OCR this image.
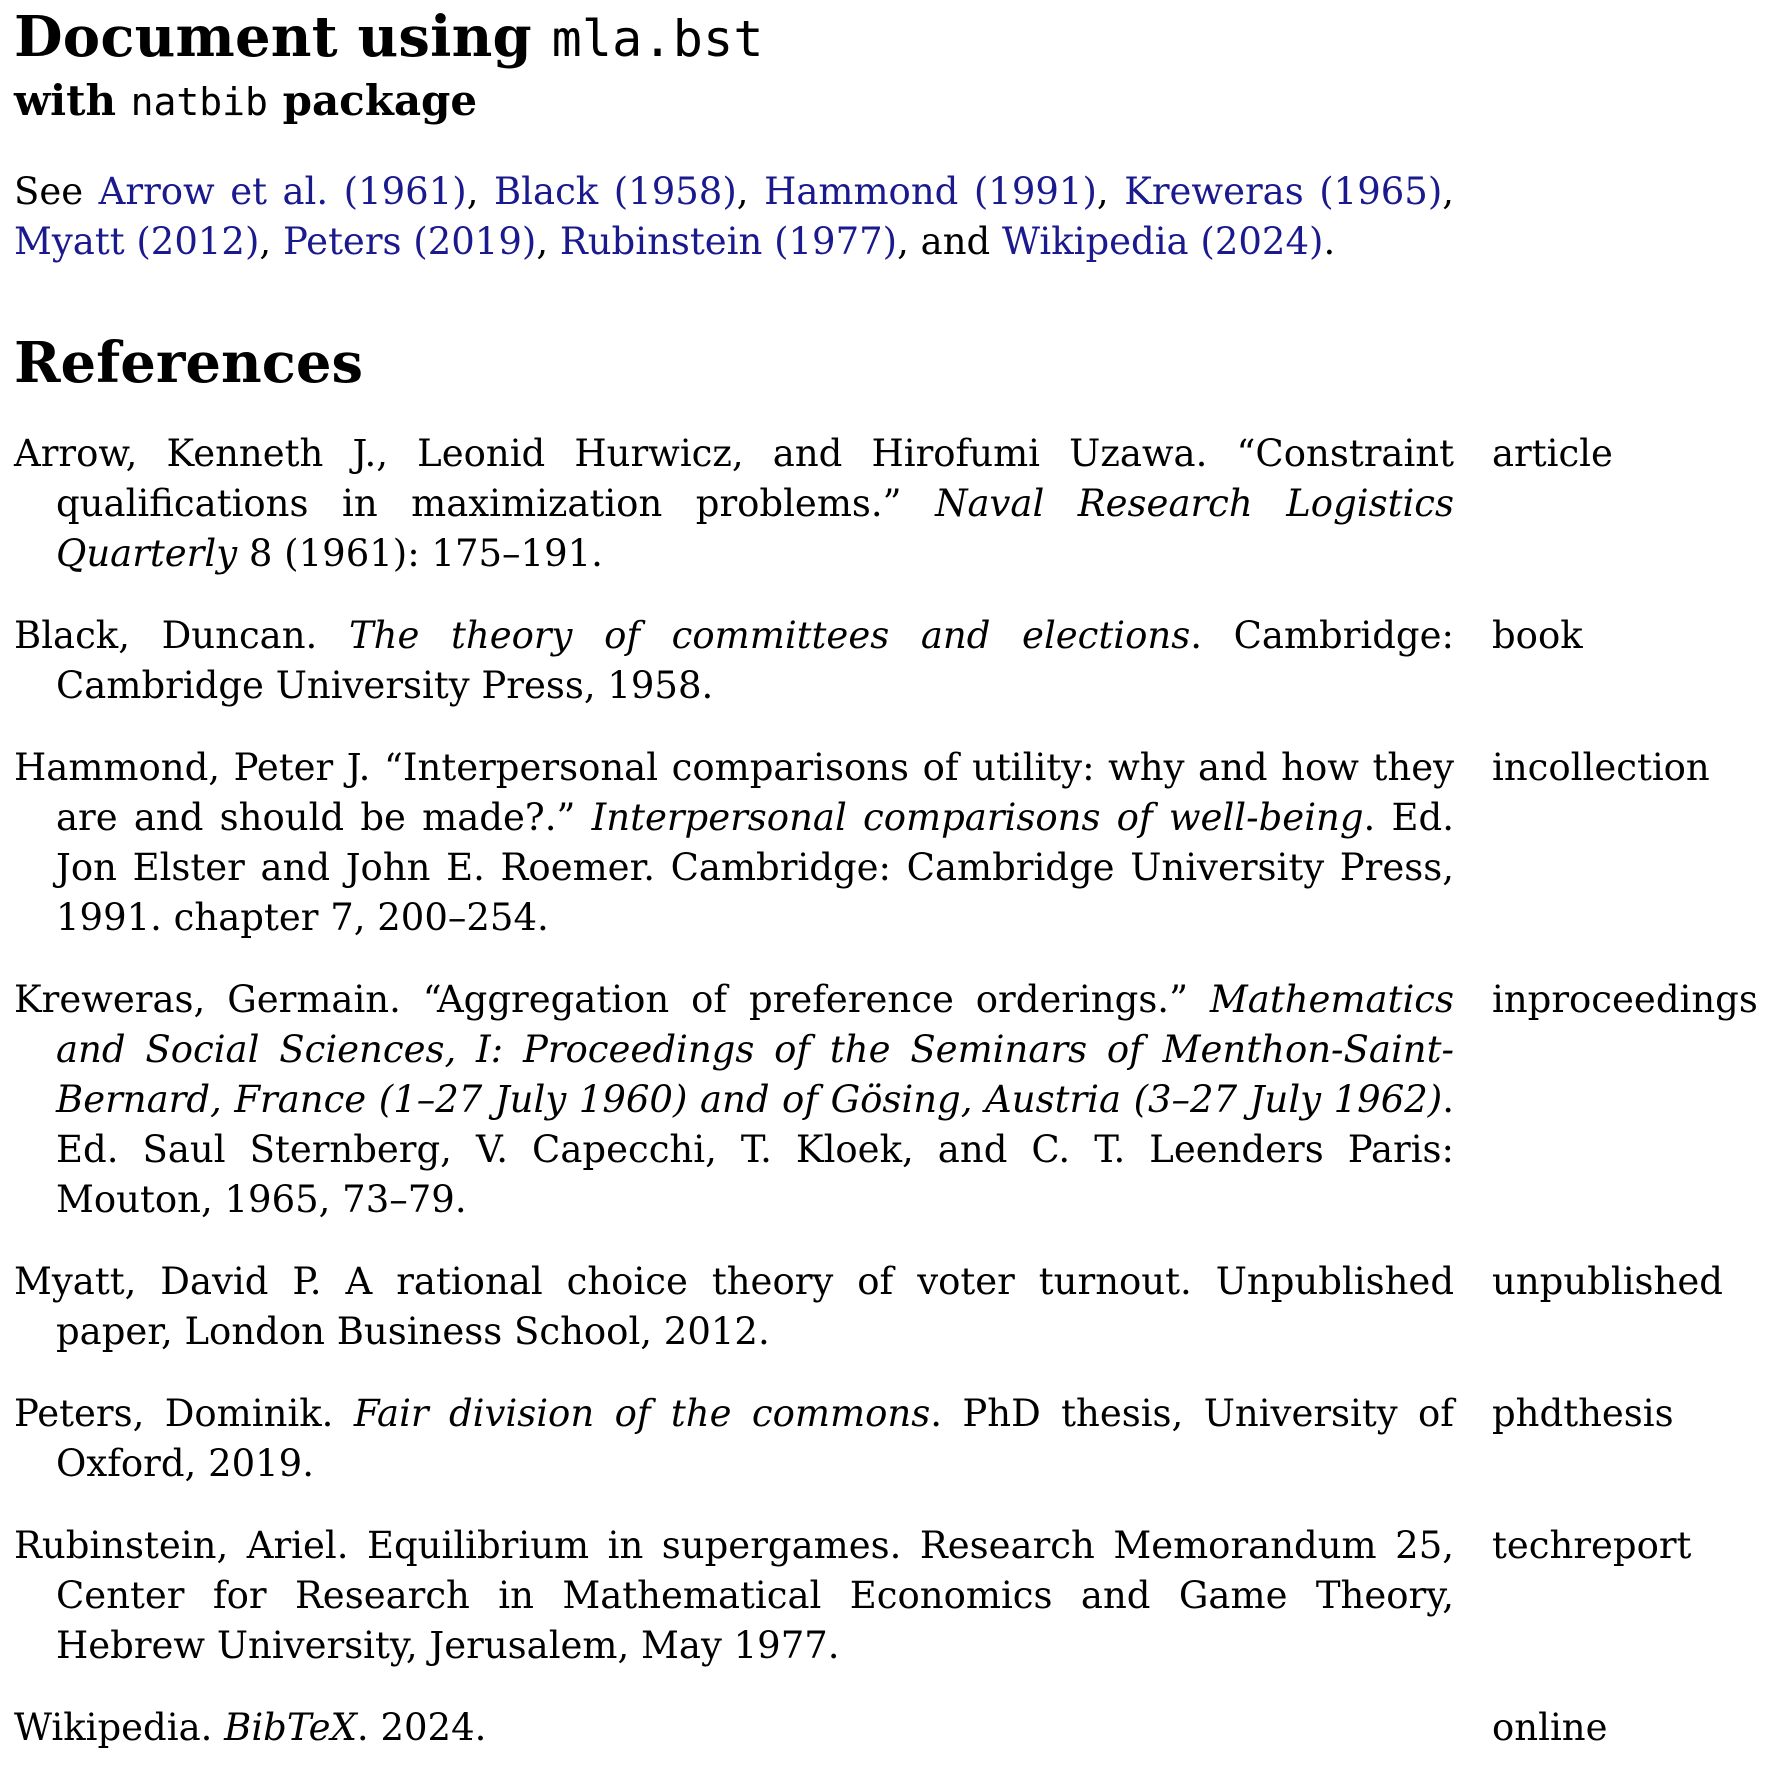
Document using mla.bst
with natbib package

See Arrow et al. (1961), Black (1958), Hammond (1991), Kreweras (1965), Myatt (2012), Peters (2019), Rubinstein (1977), and Wikipedia (2024).

References
Arrow, Kenneth J., Leonid Hurwicz, and Hirofumi Uzawa. “Constraint qualifications in maximization problems.” Naval Research Logistics Quarterly 8 (1961): 175–191.
article
Black, Duncan. The theory of committees and elections. Cambridge: Cambridge University Press, 1958.
book
Hammond, Peter J. “Interpersonal comparisons of utility: why and how they are and should be made?.” Interpersonal comparisons of well-being. Ed. Jon Elster and John E. Roemer. Cambridge: Cambridge University Press, 1991. chapter 7, 200–254.
incollection
Kreweras, Germain. “Aggregation of preference orderings.” Mathematics and Social Sciences, I: Proceedings of the Seminars of Menthon-Saint-Bernard, France (1–27 July 1960) and of Gösing, Austria (3–27 July 1962). Ed. Saul Sternberg, V. Capecchi, T. Kloek, and C. T. Leenders Paris: Mouton, 1965, 73–79.
inproceedings
Myatt, David P. A rational choice theory of voter turnout. Unpublished paper, London Business School, 2012.
unpublished
Peters, Dominik. Fair division of the commons. PhD thesis, University of Oxford, 2019.
phdthesis
Rubinstein, Ariel. Equilibrium in supergames. Research Memorandum 25, Center for Research in Mathematical Economics and Game Theory, Hebrew University, Jerusalem, May 1977.
techreport
Wikipedia. BibTeX. 2024.	online
